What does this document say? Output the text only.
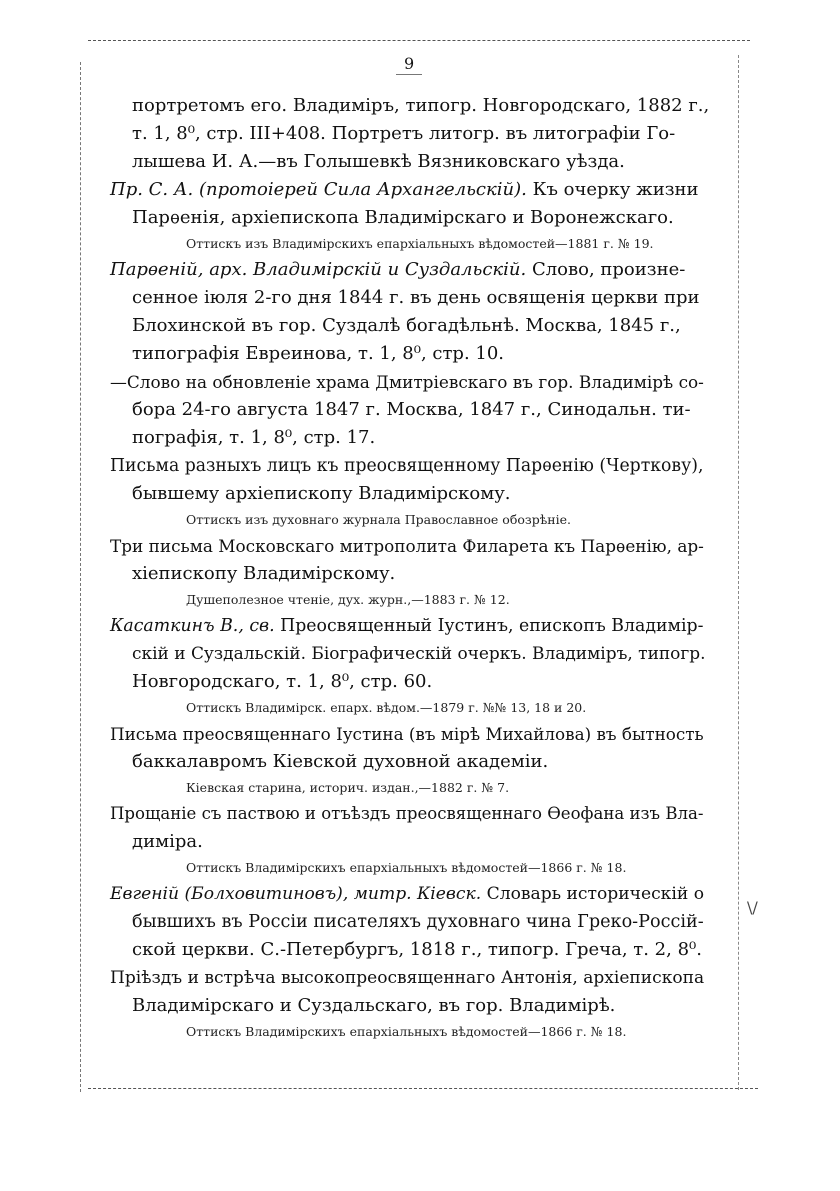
9
\/
портретомъ его. Владиміръ, типогр. Новгородскаго, 1882 г.,
т. 1, 8⁰, стр. III+408. Портретъ литогр. въ литографіи Го-
лышева И. А.—въ Голышевкѣ Вязниковскаго уѣзда.
Пр. С. А. (протоіерей Сила Архангельскій). Къ очерку жизни
Парѳенія, архіепископа Владимірскаго и Воронежскаго.
Оттискъ изъ Владимірскихъ епархіальныхъ вѣдомостей—1881 г. № 19.
Парѳеній, арх. Владимірскій и Суздальскій. Слово, произне-
сенное іюля 2-го дня 1844 г. въ день освященія церкви при
Блохинской въ гор. Суздалѣ богадѣльнѣ. Москва, 1845 г.,
типографія Евреинова, т. 1, 8⁰, стр. 10.
—Слово на обновленіе храма Дмитріевскаго въ гор. Владимірѣ со-
бора 24-го августа 1847 г. Москва, 1847 г., Синодальн. ти-
пографія, т. 1, 8⁰, стр. 17.
Письма разныхъ лицъ къ преосвященному Парѳенію (Черткову),
бывшему архіепископу Владимірскому.
Оттискъ изъ духовнаго журнала Православное обозрѣніе.
Три письма Московскаго митрополита Филарета къ Парѳенію, ар-
хіепископу Владимірскому.
Душеполезное чтеніе, дух. журн.,—1883 г. № 12.
Касаткинъ В., св. Преосвященный Іустинъ, епископъ Владимір-
скій и Суздальскій. Біографическій очеркъ. Владиміръ, типогр.
Новгородскаго, т. 1, 8⁰, стр. 60.
Оттискъ Владимірск. епарх. вѣдом.—1879 г. №№ 13, 18 и 20.
Письма преосвященнаго Іустина (въ мірѣ Михайлова) въ бытность
баккалавромъ Кіевской духовной академіи.
Кіевская старина, историч. издан.,—1882 г. № 7.
Прощаніе съ паствою и отъѣздъ преосвященнаго Ѳеофана изъ Вла-
диміра.
Оттискъ Владимірскихъ епархіальныхъ вѣдомостей—1866 г. № 18.
Евгеній (Болховитиновъ), митр. Кіевск. Словарь историческій о
бывшихъ въ Россіи писателяхъ духовнаго чина Греко-Россій-
ской церкви. С.-Петербургъ, 1818 г., типогр. Греча, т. 2, 8⁰.
Пріѣздъ и встрѣча высокопреосвященнаго Антонія, архіепископа
Владимірскаго и Суздальскаго, въ гор. Владимірѣ.
Оттискъ Владимірскихъ епархіальныхъ вѣдомостей—1866 г. № 18.
